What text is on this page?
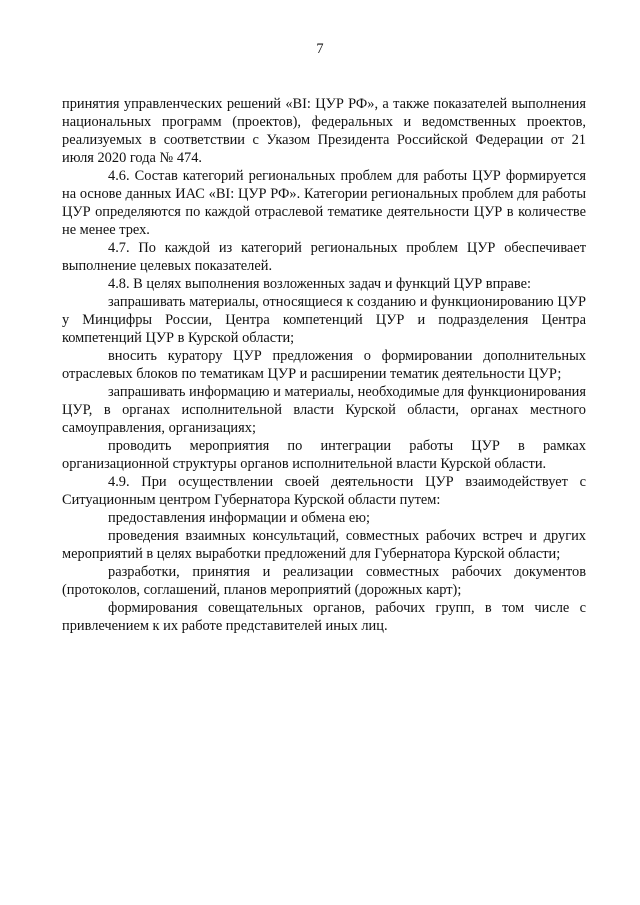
7

принятия управленческих решений «BI: ЦУР РФ», а также показателей выполнения национальных программ (проектов), федеральных и ведомственных проектов, реализуемых в соответствии с Указом Президента Российской Федерации от 21 июля 2020 года № 474.

4.6. Состав категорий региональных проблем для работы ЦУР формируется на основе данных ИАС «BI: ЦУР РФ». Категории региональных проблем для работы ЦУР определяются по каждой отраслевой тематике деятельности ЦУР в количестве не менее трех.

4.7. По каждой из категорий региональных проблем ЦУР обеспечивает выполнение целевых показателей.

4.8. В целях выполнения возложенных задач и функций ЦУР вправе:

запрашивать материалы, относящиеся к созданию и функционированию ЦУР у Минцифры России, Центра компетенций ЦУР и подразделения Центра компетенций ЦУР в Курской области;

вносить куратору ЦУР предложения о формировании дополнительных отраслевых блоков по тематикам ЦУР и расширении тематик деятельности ЦУР;

запрашивать информацию и материалы, необходимые для функционирования ЦУР, в органах исполнительной власти Курской области, органах местного самоуправления, организациях;

проводить мероприятия по интеграции работы ЦУР в рамках организационной структуры органов исполнительной власти Курской области.

4.9. При осуществлении своей деятельности ЦУР взаимодействует с Ситуационным центром Губернатора Курской области путем:

предоставления информации и обмена ею;

проведения взаимных консультаций, совместных рабочих встреч и других мероприятий в целях выработки предложений для Губернатора Курской области;

разработки, принятия и реализации совместных рабочих документов (протоколов, соглашений, планов мероприятий (дорожных карт);

формирования совещательных органов, рабочих групп, в том числе с привлечением к их работе представителей иных лиц.
